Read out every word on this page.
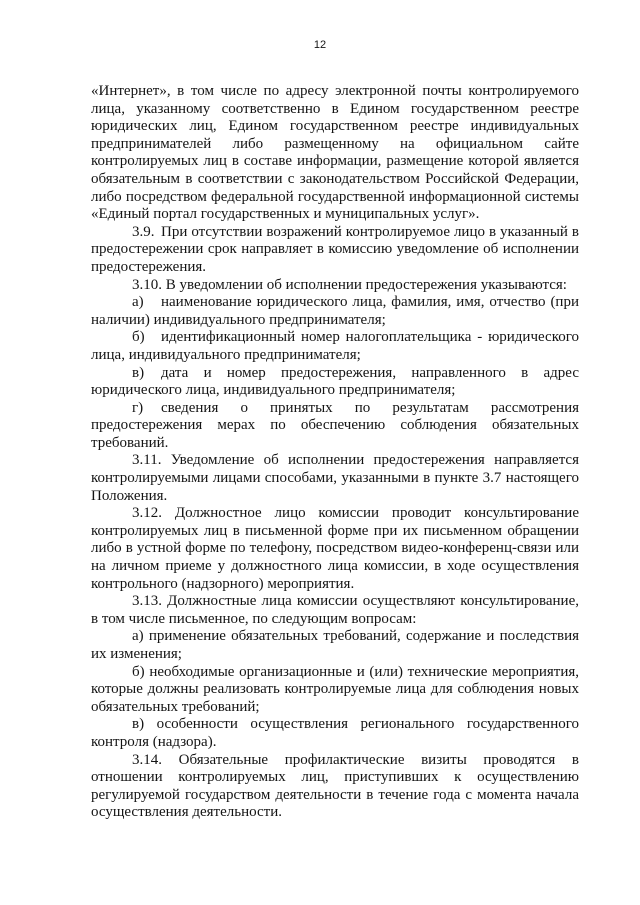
12

«Интернет», в том числе по адресу электронной почты контролируемого лица, указанному соответственно в Едином государственном реестре юридических лиц, Едином государственном реестре индивидуальных предпринимателей либо размещенному на официальном сайте контролируемых лиц в составе информации, размещение которой является обязательным в соответствии с законодательством Российской Федерации, либо посредством федеральной государственной информационной системы «Единый портал государственных и муниципальных услуг».

3.9. При отсутствии возражений контролируемое лицо в указанный в предостережении срок направляет в комиссию уведомление об исполнении предостережения.

3.10. В уведомлении об исполнении предостережения указываются:

а) наименование юридического лица, фамилия, имя, отчество (при наличии) индивидуального предпринимателя;

б) идентификационный номер налогоплательщика - юридического лица, индивидуального предпринимателя;

в) дата и номер предостережения, направленного в адрес юридического лица, индивидуального предпринимателя;

г) сведения о принятых по результатам рассмотрения предостережения мерах по обеспечению соблюдения обязательных требований.

3.11. Уведомление об исполнении предостережения направляется контролируемыми лицами способами, указанными в пункте 3.7 настоящего Положения.

3.12. Должностное лицо комиссии проводит консультирование контролируемых лиц в письменной форме при их письменном обращении либо в устной форме по телефону, посредством видео-конференц-связи или на личном приеме у должностного лица комиссии, в ходе осуществления контрольного (надзорного) мероприятия.

3.13. Должностные лица комиссии осуществляют консультирование, в том числе письменное, по следующим вопросам:

а) применение обязательных требований, содержание и последствия их изменения;

б) необходимые организационные и (или) технические мероприятия, которые должны реализовать контролируемые лица для соблюдения новых обязательных требований;

в) особенности осуществления регионального государственного контроля (надзора).

3.14. Обязательные профилактические визиты проводятся в отношении контролируемых лиц, приступивших к осуществлению регулируемой государством деятельности в течение года с момента начала осуществления деятельности.
